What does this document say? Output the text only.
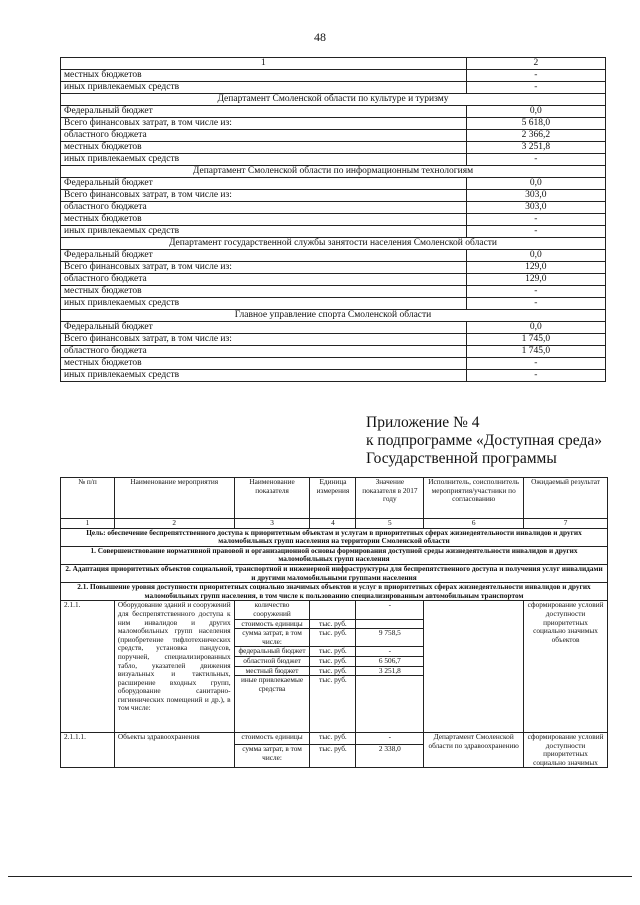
48
1	2
местных бюджетов	-
иных привлекаемых средств	-
Департамент Смоленской области по культуре и туризму	
Федеральный бюджет	0,0
Всего финансовых затрат, в том числе из:	5 618,0
областного бюджета	2 366,2
местных бюджетов	3 251,8
иных привлекаемых средств	-
Департамент Смоленской области по информационным технологиям	
Федеральный бюджет	0,0
Всего финансовых затрат, в том числе из:	303,0
областного бюджета	303,0
местных бюджетов	-
иных привлекаемых средств	-
Департамент государственной службы занятости населения Смоленской области	
Федеральный бюджет	0,0
Всего финансовых затрат, в том числе из:	129,0
областного бюджета	129,0
местных бюджетов	-
иных привлекаемых средств	-
Главное управление спорта Смоленской области	
Федеральный бюджет	0,0
Всего финансовых затрат, в том числе из:	1 745,0
областного бюджета	1 745,0
местных бюджетов	-
иных привлекаемых средств	-
Приложение № 4
к подпрограмме «Доступная среда»
Государственной программы
№ п/п	Наименование мероприятия	Наименование показателя	Единица измерения	Значение показателя в 2017 году	Исполнитель, соисполнитель мероприятия/участники по согласованию	Ожидаемый результат
1	2	3	4	5	6	7
Цель: обеспечение беспрепятственного доступа к приоритетным объектам и услугам в приоритетных сферах жизнедеятельности инвалидов и других маломобильных групп населения на территории Смоленской области						
1. Совершенствование нормативной правовой и организационной основы формирования доступной среды жизнедеятельности инвалидов и других маломобильных групп населения						
2. Адаптация приоритетных объектов социальной, транспортной и инженерной инфраструктуры для беспрепятственного доступа и получения услуг инвалидами и другими маломобильными группами населения						
2.1. Повышение уровня доступности приоритетных социально значимых объектов и услуг в приоритетных сферах жизнедеятельности инвалидов и других маломобильных групп населения, в том числе к пользованию специализированным автомобильным транспортом						
2.1.1.	Оборудование зданий и сооружений для беспрепятственного доступа к ним инвалидов и других маломобильных групп населения (приобретение тифлотехнических средств, установка пандусов, поручней, специализированных табло, указателей движения визуальных и тактильных, расширение входных групп, оборудование санитарно-гигиенических помещений и др.), в том числе:	количество сооружений		-		сформирование условий доступности приоритетных социально значимых объектов
		стоимость единицы	тыс. руб.			
		сумма затрат, в том числе:	тыс. руб.	9 758,5		
		федеральный бюджет	тыс. руб.	-		
		областной бюджет	тыс. руб.	6 506,7		
		местный бюджет	тыс. руб.	3 251,8		
		иные привлекаемые средства	тыс. руб.			
2.1.1.1.	Объекты здравоохранения	стоимость единицы	тыс. руб.	-	Департамент Смоленской области по здравоохранению	сформирование условий доступности приоритетных социально значимых
		сумма затрат, в том числе:	тыс. руб.	2 338,0		
